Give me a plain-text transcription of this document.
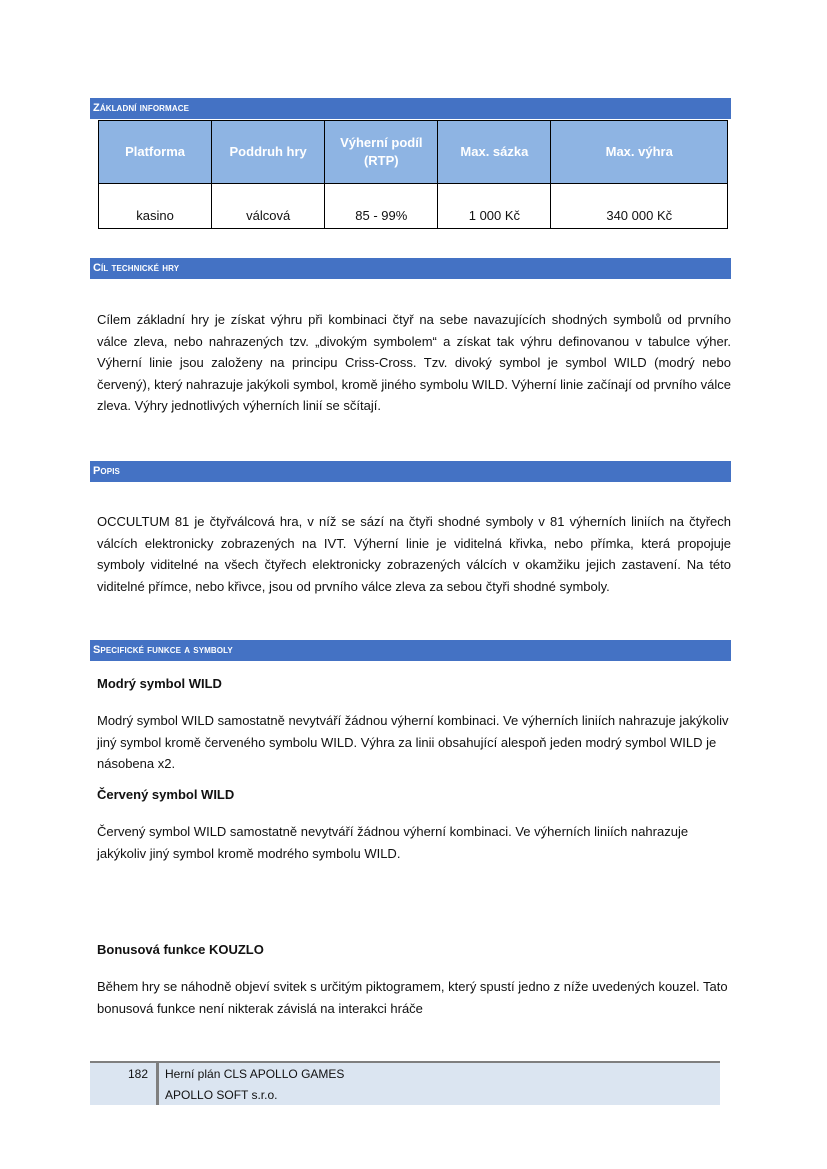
Základní informace
Platforma	Poddruh hry	Výherní podíl (RTP)	Max. sázka	Max. výhra
kasino	válcová	85 - 99%	1 000 Kč	340 000 Kč
Cíl technické hry

Cílem základní hry je získat výhru při kombinaci čtyř na sebe navazujících shodných symbolů od prvního válce zleva, nebo nahrazených tzv. „divokým symbolem“ a získat tak výhru definovanou v tabulce výher. Výherní linie jsou založeny na principu Criss-Cross. Tzv. divoký symbol je symbol WILD (modrý nebo červený), který nahrazuje jakýkoli symbol, kromě jiného symbolu WILD. Výherní linie začínají od prvního válce zleva. Výhry jednotlivých výherních linií se sčítají.

Popis

OCCULTUM 81 je čtyřválcová hra, v níž se sází na čtyři shodné symboly v 81 výherních liniích na čtyřech válcích elektronicky zobrazených na IVT. Výherní linie je viditelná křivka, nebo přímka, která propojuje symboly viditelné na všech čtyřech elektronicky zobrazených válcích v okamžiku jejich zastavení. Na této viditelné přímce, nebo křivce, jsou od prvního válce zleva za sebou čtyři shodné symboly.

Specifické funkce a symboly

Modrý symbol WILD

Modrý symbol WILD samostatně nevytváří žádnou výherní kombinaci. Ve výherních liniích nahrazuje jakýkoliv jiný symbol kromě červeného symbolu WILD. Výhra za linii obsahující alespoň jeden modrý symbol WILD je násobena x2.

Červený symbol WILD

Červený symbol WILD samostatně nevytváří žádnou výherní kombinaci. Ve výherních liniích nahrazuje jakýkoliv jiný symbol kromě modrého symbolu WILD.

Bonusová funkce KOUZLO

Během hry se náhodně objeví svitek s určitým piktogramem, který spustí jedno z níže uvedených kouzel. Tato bonusová funkce není nikterak závislá na interakci hráče

182 Herní plán CLS APOLLO GAMES
APOLLO SOFT s.r.o.
